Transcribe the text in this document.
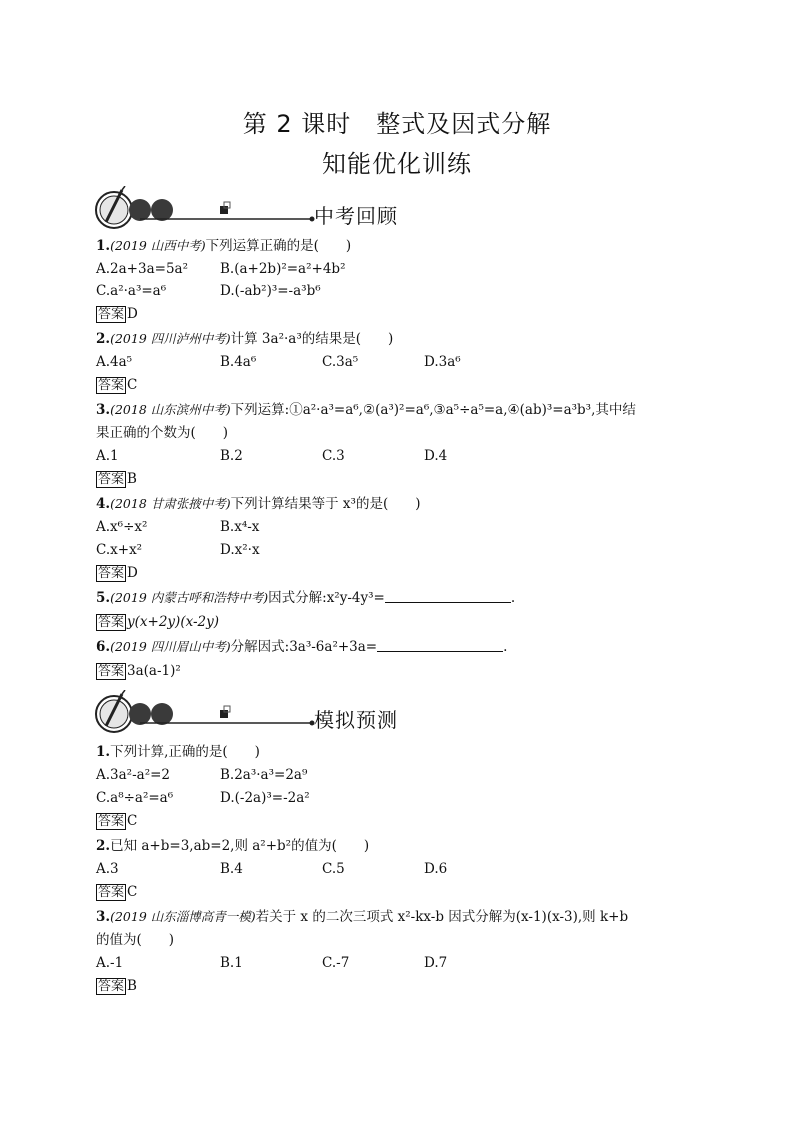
第 2 课时　整式及因式分解
知能优化训练
中考回顾
1.(2019 山西中考)下列运算正确的是(　　)
A.2a+3a=5a² B.(a+2b)²=a²+4b²
C.a²·a³=a⁶	D.(-ab²)³=-a³b⁶
答案 D
2.(2019 四川泸州中考)计算 3a²·a³的结果是(　　)
A.4a⁵	B.4a⁶	C.3a⁵	D.3a⁶
答案 C
3.(2018 山东滨州中考)下列运算:①a²·a³=a⁶,②(a³)²=a⁶,③a⁵÷a⁵=a,④(ab)³=a³b³,其中结
果正确的个数为(　　)
A.1	B.2	C.3	D.4
答案 B
4.(2018 甘肃张掖中考)下列计算结果等于 x³的是(　　)
A.x⁶÷x²	B.x⁴-x
C.x+x²	D.x²·x
答案 D
5.(2019 内蒙古呼和浩特中考)因式分解:x²y-4y³=	.
答案 y(x+2y)(x-2y)
6.(2019 四川眉山中考)分解因式:3a³-6a²+3a=	.
答案 3a(a-1)²
模拟预测
1.下列计算,正确的是(　　)
A.3a²-a²=2	B.2a³·a³=2a⁹
C.a⁸÷a²=a⁶	D.(-2a)³=-2a²
答案 C
2.已知 a+b=3,ab=2,则 a²+b²的值为(　　)
A.3	B.4	C.5	D.6
答案 C
3.(2019 山东淄博高青一模)若关于 x 的二次三项式 x²-kx-b 因式分解为(x-1)(x-3),则 k+b
的值为(　　)
A.-1	B.1	C.-7	D.7
答案 B
